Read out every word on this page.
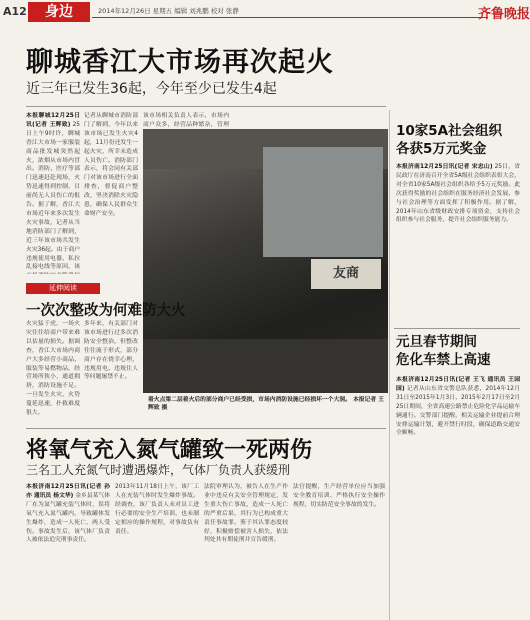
A12	身边	2014年12月26日 星期五 编辑 刘兆鹏 校对 张静	齐鲁晚报
聊城香江大市场再次起火
近三年已发生36起，今年至少已发生4起
本报聊城12月25日讯(记者 王辉致) 25日上午9时许，聊城香江大市场一家服装商品批发城突然起火，浓烟从市场内冒出。消防、医疗等部门迅速赶赴现场，火势迅速得到控制，目前尚无人员伤亡的报告。据了解，香江大市场近年来多次发生火灾事故，记者从当地消防部门了解到，近三年该市场共发生火灾36起。由于商户违规使用电器、私拉乱接电线等原因，该
记者从聊城市消防部门了解到，今年以来该市场已发生火灾4起，11月份还发生一起火灾，所幸未造成人员伤亡。消防部门表示，将会同有关部门对该市场进行全面排查，督促商户整改，坚决消除火灾隐患，确保人民群众生命财产安全。
该市场相关负责人表示，市场内商户众多，经营品种繁杂，管理
友商
着火点第二层着火后的部分商户已经受损，市场内消防设施已经损坏一个大洞。 本报记者 王辉致 摄
延伸阅读
一次次整改为何难防大火
火灾猛于虎，一场火灾往往给商户带来难以估量的损失。据调查，香江大市场内商户大多经营小商品、服装等易燃物品，经营场所狭小，通道拥挤，消防设施不足。一旦发生火灾，火势蔓延迅速，扑救难度很大。
多年来，有关部门对该市场进行过多次消防安全整治，但整改往往流于形式，部分商户存在侥幸心理，违规用电、违规住人等问题屡禁不止。
将氧气充入氮气罐致一死两伤
三名工人充氮气时遭遇爆炸，气体厂负责人获缓刑
本报济南12月25日讯(记者 孙亦 通讯员 杨文华) 金乡县某气体厂在为氮气罐充装气体时，误将氧气充入氮气罐内，导致罐体发生爆炸，造成一人死亡，两人受伤。事故发生后，该气体厂负责人被依法追究刑事责任。
2013年11月18日上午，该厂工人在充装气体时发生爆炸事故。经调查，该厂负责人未对员工进行必要的安全生产培训，也未制定相应的操作规程，对事故负有责任。
法院审理认为，被告人在生产作业中违反有关安全管理规定，发生重大伤亡事故，造成一人死亡的严重后果，其行为已构成重大责任事故罪。鉴于其认罪态度较好，积极赔偿被害人损失，依法判处其有期徒刑并宣告缓刑。
法官提醒，生产经营单位应当加强安全教育培训，严格执行安全操作规程，切实防范安全事故的发生。
10家5A社会组织
各获5万元奖金
本报济南12月25日讯(记者 宋忠山) 25日，省民政厅在济南召开全省5A级社会组织表彰大会，对全省10家5A级社会组织各给予5万元奖励。此次获得奖励的社会组织在服务经济社会发展、参与社会治理等方面发挥了积极作用。据了解，2014年山东省级财政安排专项资金，支持社会组织参与社会服务，提升社会组织服务能力。
元旦春节期间
危化车禁上高速
本报济南12月25日讯(记者 王飞 通讯员 王园园) 记者从山东省交警总队获悉，2014年12月31日至2015年1月3日、2015年2月17日至2月25日期间，全省高速公路禁止危险化学品运输车辆通行。交警部门提醒，相关运输企业提前合理安排运输计划，避开禁行时段，确保道路交通安全顺畅。
